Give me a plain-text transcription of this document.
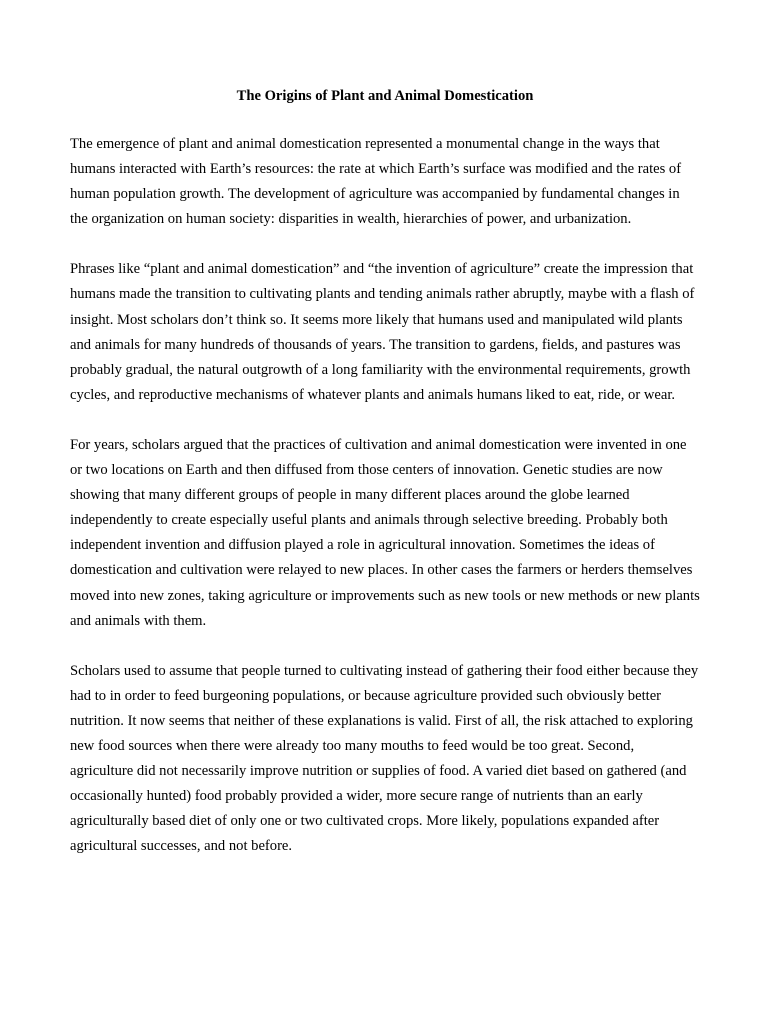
The Origins of Plant and Animal Domestication

The emergence of plant and animal domestication represented a monumental change in the ways that humans interacted with Earth’s resources: the rate at which Earth’s surface was modified and the rates of human population growth. The development of agriculture was accompanied by fundamental changes in the organization on human society: disparities in wealth, hierarchies of power, and urbanization.

Phrases like “plant and animal domestication” and “the invention of agriculture” create the impression that humans made the transition to cultivating plants and tending animals rather abruptly, maybe with a flash of insight. Most scholars don’t think so. It seems more likely that humans used and manipulated wild plants and animals for many hundreds of thousands of years. The transition to gardens, fields, and pastures was probably gradual, the natural outgrowth of a long familiarity with the environmental requirements, growth cycles, and reproductive mechanisms of whatever plants and animals humans liked to eat, ride, or wear.

For years, scholars argued that the practices of cultivation and animal domestication were invented in one or two locations on Earth and then diffused from those centers of innovation. Genetic studies are now showing that many different groups of people in many different places around the globe learned independently to create especially useful plants and animals through selective breeding. Probably both independent invention and diffusion played a role in agricultural innovation. Sometimes the ideas of domestication and cultivation were relayed to new places. In other cases the farmers or herders themselves moved into new zones, taking agriculture or improvements such as new tools or new methods or new plants and animals with them.

Scholars used to assume that people turned to cultivating instead of gathering their food either because they had to in order to feed burgeoning populations, or because agriculture provided such obviously better nutrition. It now seems that neither of these explanations is valid. First of all, the risk attached to exploring new food sources when there were already too many mouths to feed would be too great. Second, agriculture did not necessarily improve nutrition or supplies of food. A varied diet based on gathered (and occasionally hunted) food probably provided a wider, more secure range of nutrients than an early agriculturally based diet of only one or two cultivated crops. More likely, populations expanded after agricultural successes, and not before.
